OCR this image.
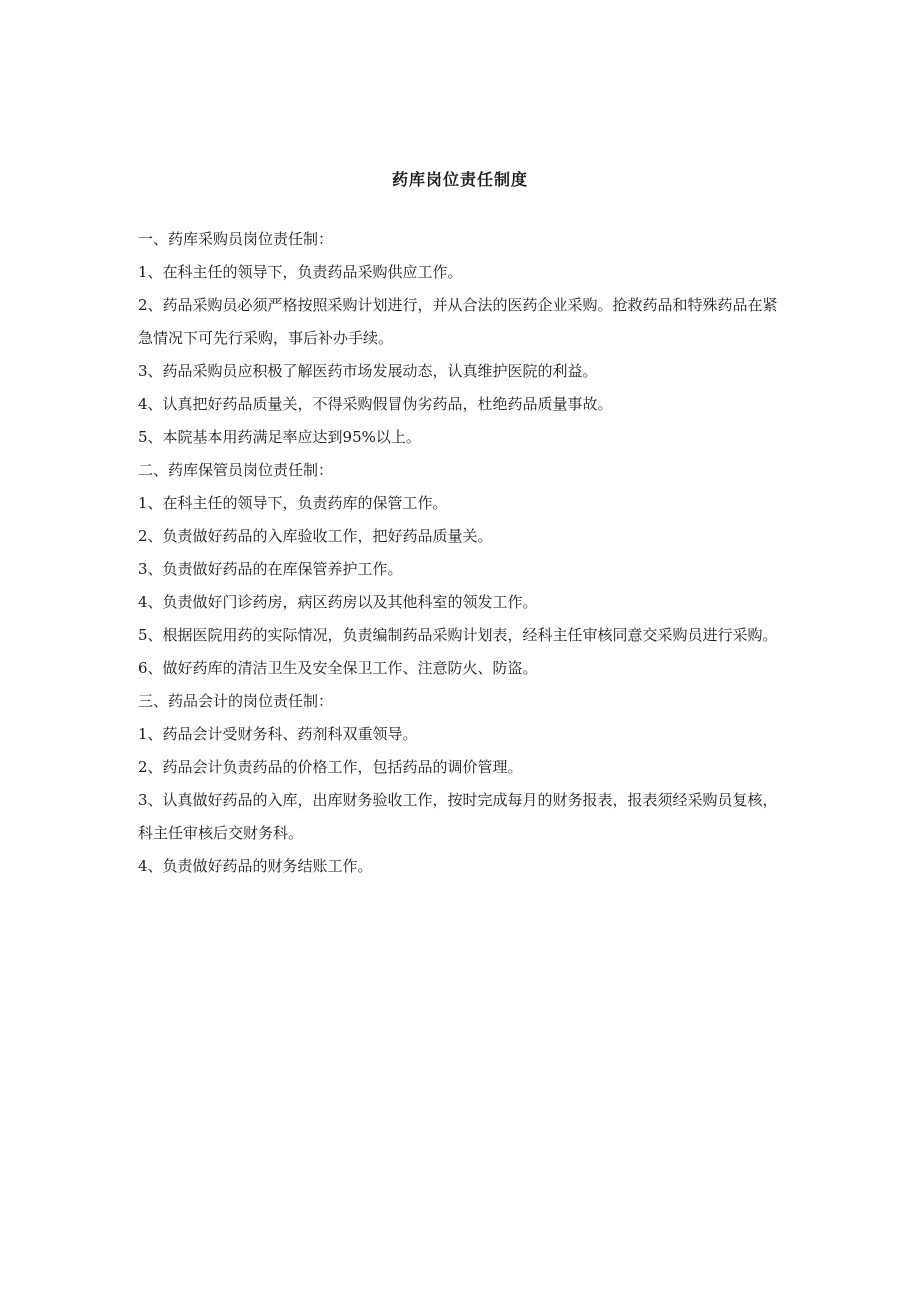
药库岗位责任制度

一、药库采购员岗位责任制：

1、在科主任的领导下，负责药品采购供应工作。

2、药品采购员必须严格按照采购计划进行，并从合法的医药企业采购。抢救药品和特殊药品在紧急情况下可先行采购，事后补办手续。

3、药品采购员应积极了解医药市场发展动态，认真维护医院的利益。

4、认真把好药品质量关，不得采购假冒伪劣药品，杜绝药品质量事故。

5、本院基本用药满足率应达到95%以上。

二、药库保管员岗位责任制：

1、在科主任的领导下，负责药库的保管工作。

2、负责做好药品的入库验收工作，把好药品质量关。

3、负责做好药品的在库保管养护工作。

4、负责做好门诊药房，病区药房以及其他科室的领发工作。

5、根据医院用药的实际情况，负责编制药品采购计划表，经科主任审核同意交采购员进行采购。

6、做好药库的清洁卫生及安全保卫工作、注意防火、防盗。

三、药品会计的岗位责任制：

1、药品会计受财务科、药剂科双重领导。

2、药品会计负责药品的价格工作，包括药品的调价管理。

3、认真做好药品的入库，出库财务验收工作，按时完成每月的财务报表，报表须经采购员复核，科主任审核后交财务科。

4、负责做好药品的财务结账工作。
